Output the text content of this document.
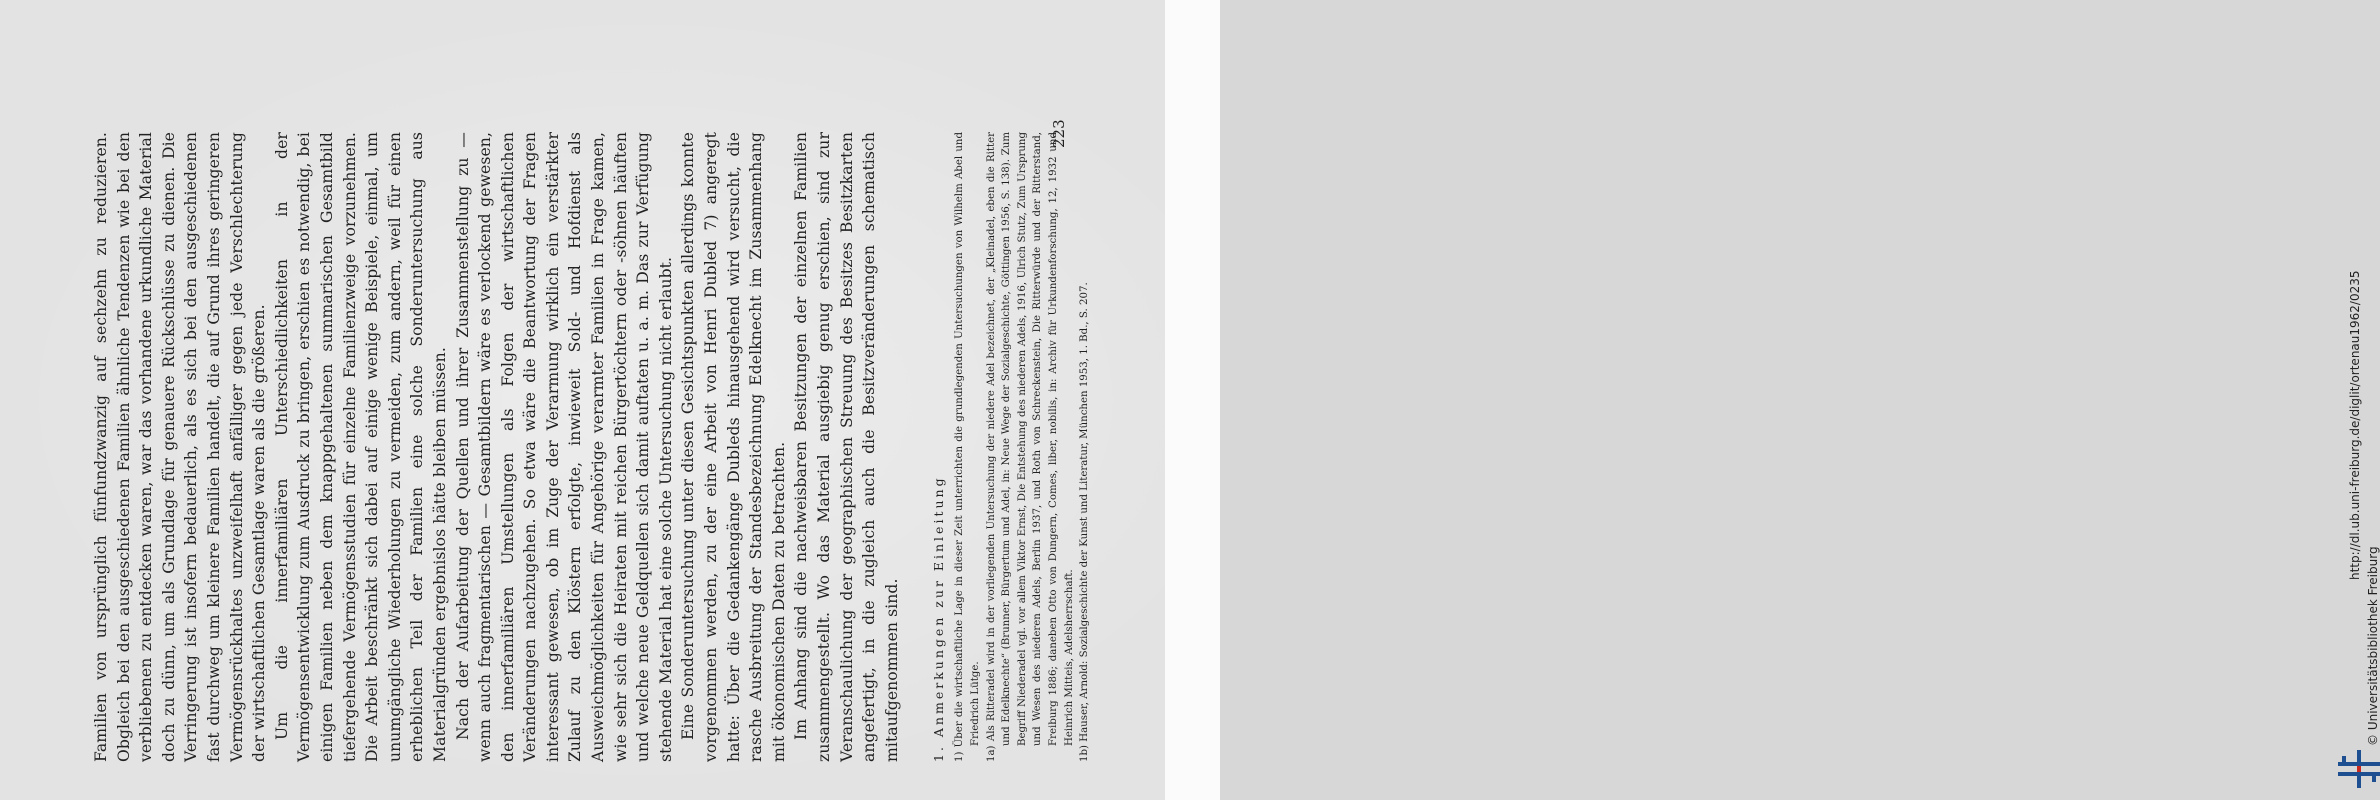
Familien von ursprünglich fünfundzwanzig auf sechzehn zu reduzieren. Obgleich bei den ausgeschiedenen Familien ähnliche Tendenzen wie bei den verbliebenen zu entdecken waren, war das vorhandene urkundliche Material doch zu dünn, um als Grundlage für genauere Rückschlüsse zu dienen. Die Verringerung ist insofern bedauerlich, als es sich bei den ausgeschiedenen fast durchweg um kleinere Familien handelt, die auf Grund ihres geringeren Vermögensrückhaltes unzweifelhaft anfälliger gegen jede Verschlechterung der wirtschaftlichen Gesamtlage waren als die größeren. Um die innerfamiliären Unterschiedlichkeiten in der Vermögensentwicklung zum Ausdruck zu bringen, erschien es notwendig, bei einigen Familien neben dem knappgehaltenen summarischen Gesamtbild tiefergehende Vermögensstudien für einzelne Familienzweige vorzunehmen. Die Arbeit beschränkt sich dabei auf einige wenige Beispiele, einmal, um unumgängliche Wiederholungen zu vermeiden, zum andern, weil für einen erheblichen Teil der Familien eine solche Sonderuntersuchung aus Materialgründen ergebnislos hätte bleiben müssen. Nach der Aufarbeitung der Quellen und ihrer Zusammenstellung zu — wenn auch fragmentarischen — Gesamtbildern wäre es verlockend gewesen, den innerfamiliären Umstellungen als Folgen der wirtschaftlichen Veränderungen nachzugehen. So etwa wäre die Beantwortung der Fragen interessant gewesen, ob im Zuge der Verarmung wirklich ein verstärkter Zulauf zu den Klöstern erfolgte, inwieweit Sold- und Hofdienst als Ausweichmöglichkeiten für Angehörige verarmter Familien in Frage kamen, wie sehr sich die Heiraten mit reichen Bürgertöchtern oder -söhnen häuften und welche neue Geldquellen sich damit auftaten u. a. m. Das zur Verfügung stehende Material hat eine solche Untersuchung nicht erlaubt. Eine Sonderuntersuchung unter diesen Gesichtspunkten allerdings konnte vorgenommen werden, zu der eine Arbeit von Henri Dubled 7) angeregt hatte: Über die Gedankengänge Dubleds hinausgehend wird versucht, die rasche Ausbreitung der Standesbezeichnung Edelknecht im Zusammenhang mit ökonomischen Daten zu betrachten. Im Anhang sind die nachweisbaren Besitzungen der einzelnen Familien zusammengestellt. Wo das Material ausgiebig genug erschien, sind zur Veranschaulichung der geographischen Streuung des Besitzes Besitzkarten angefertigt, in die zugleich auch die Besitzveränderungen schematisch mitaufgenommen sind. 1. Anmerkungen zur Einleitung 1) Über die wirtschaftliche Lage in dieser Zeit unterrichten die grundlegenden Untersuchungen von Wilhelm Abel und Friedrich Lütge. 1a) Als Ritteradel wird in der vorliegenden Untersuchung der niedere Adel bezeichnet, der „Kleinadel, eben die Ritter und Edelknechte“ (Brunner, Bürgertum und Adel, in: Neue Wege der Sozialgeschichte, Göttingen 1956, S. 138). Zum Begriff Niederadel vgl. vor allem Viktor Ernst, Die Entstehung des niederen Adels, 1916, Ulrich Stutz, Zum Ursprung und Wesen des niederen Adels, Berlin 1937, und Roth von Schreckenstein, Die Ritterwürde und der Ritterstand, Freiburg 1886; daneben Otto von Dungern, Comes, liber, nobilis, in: Archiv für Urkundenforschung, 12, 1932 und Heinrich Mitteis, Adelsherrschaft. 1b) Hauser, Arnold: Sozialgeschichte der Kunst und Literatur, München 1953, 1. Bd., S. 207.

223
http://dl.ub.uni-freiburg.de/diglit/ortenau1962/0235
© Universitätsbibliothek Freiburg
